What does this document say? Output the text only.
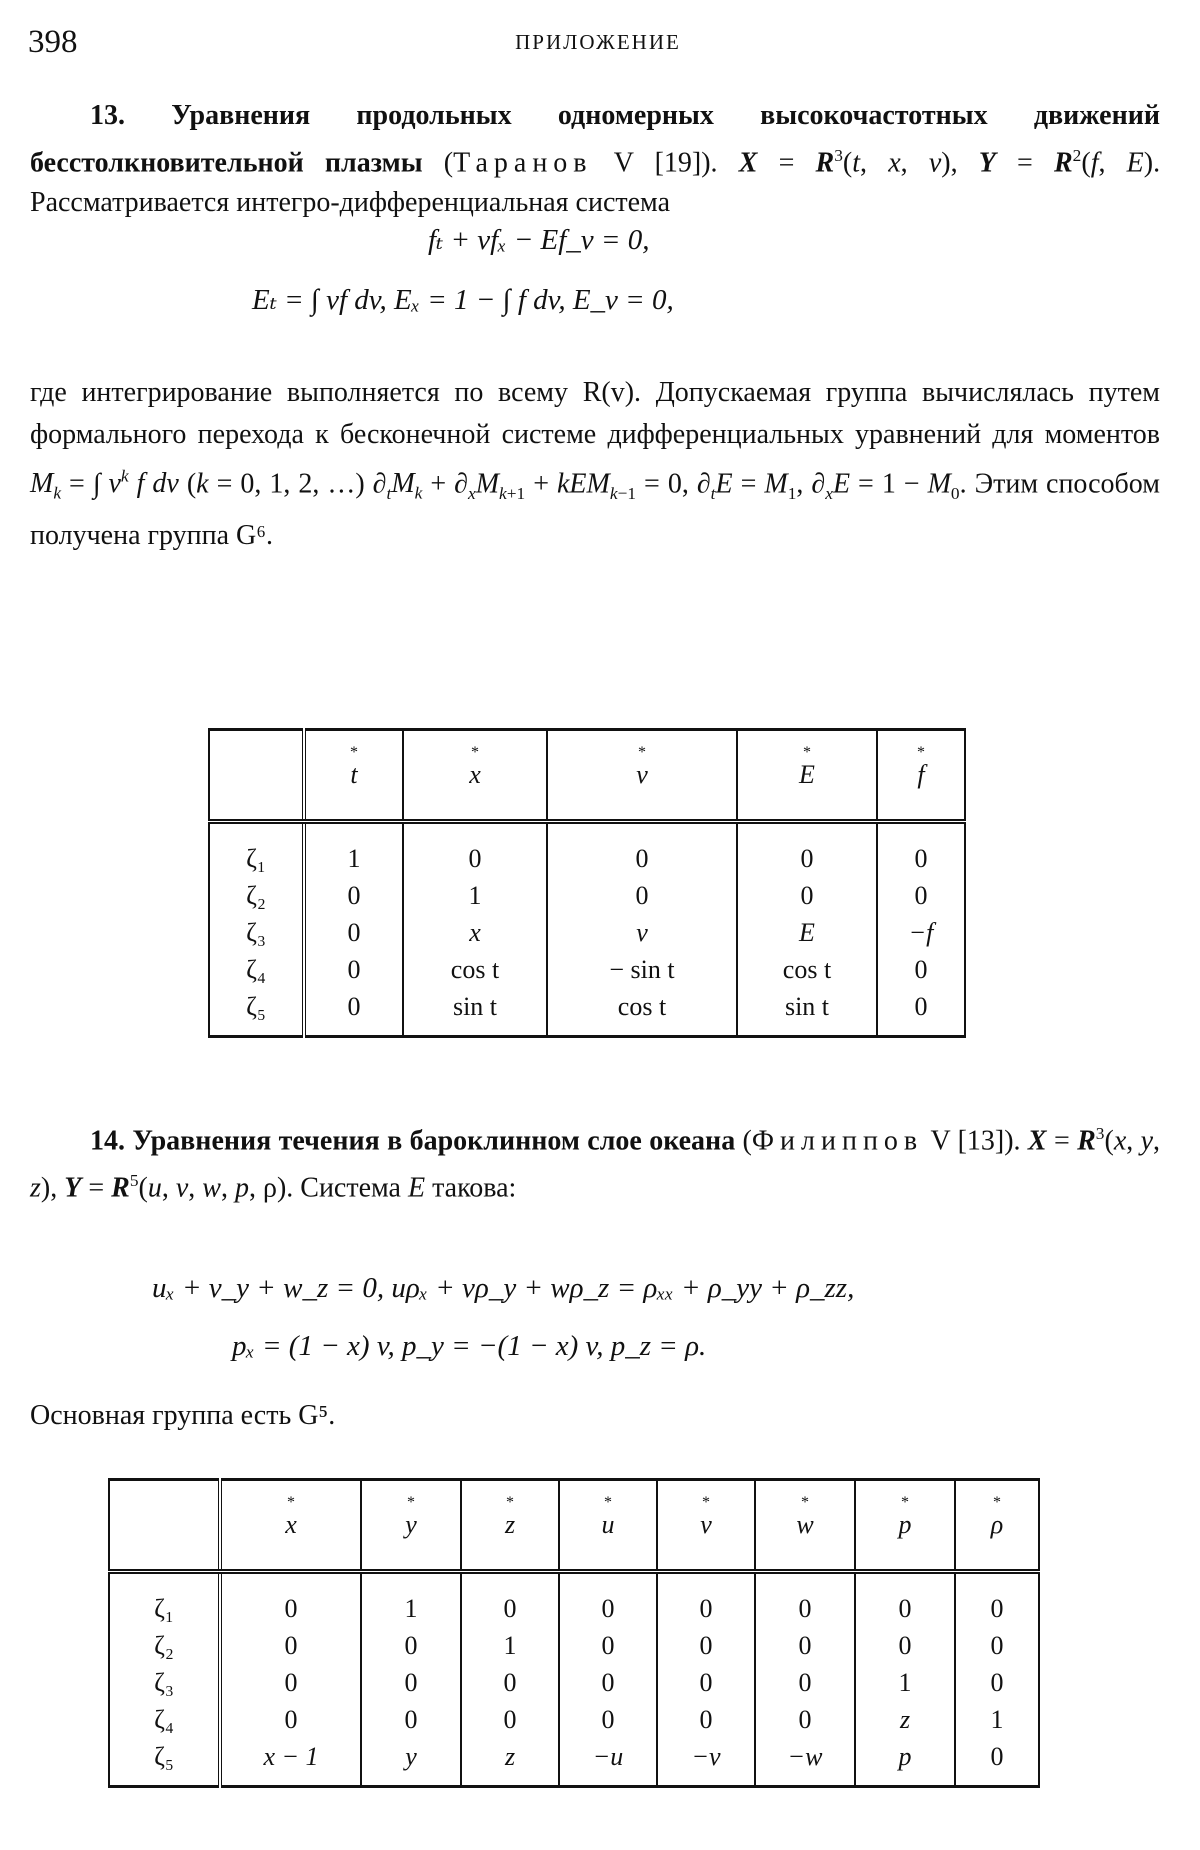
398	ПРИЛОЖЕНИЕ
13. Уравнения продольных одномерных высокочастотных движений бесстолкновительной плазмы (Таранов V [19]). $X = R^3(t$, x, v), $Y = R^2(f$, E). Рассматривается интегро-дифференциальная система
fₜ + vfₓ − Ef_v = 0,
Eₜ = ∫ vf dv, Eₓ = 1 − ∫ f dv, E_v = 0,
где интегрирование выполняется по всему R(v). Допускаемая группа вычислялась путем формального перехода к бесконечной системе дифференциальных уравнений для моментов $M_k$ = ∫ $v^k$ f dv (k = 0, 1, 2, …) $\partial_tM_k + \partial_xM_{k+1} + kEM_{k-1} = 0$, $\partial_tE = M_1$, $\partial_xE = 1 - M_0$. Этим способом получена группа G⁶.
	* t	* x	* v	* E	* f
ζ₁	1	0	0	0	0
ζ₂	0	1	0	0	0
ζ₃	0	x	v	E	−f
ζ₄	0	cos t	− sin t	cos t	0
ζ₅	0	sin t	cos t	sin t	0
14. Уравнения течения в бароклинном слое океана (Филиппов V [13]). $X = R^3(x$, y, z), $Y = R^5(u$, v, w, p, ρ). Система E такова:
uₓ + v_y + w_z = 0, uρₓ + vρ_y + wρ_z = ρₓₓ + ρ_yy + ρ_zz,
pₓ = (1 − x) v, p_y = −(1 − x) v, p_z = ρ.
Основная группа есть G⁵.
	* x	* y	* z	* u	* v	* w	* p	* ρ
ζ₁	0	1	0	0	0	0	0	0
ζ₂	0	0	1	0	0	0	0	0
ζ₃	0	0	0	0	0	0	1	0
ζ₄	0	0	0	0	0	0	z	1
ζ₅	x − 1	y	z	−u	−v	−w	p	0
